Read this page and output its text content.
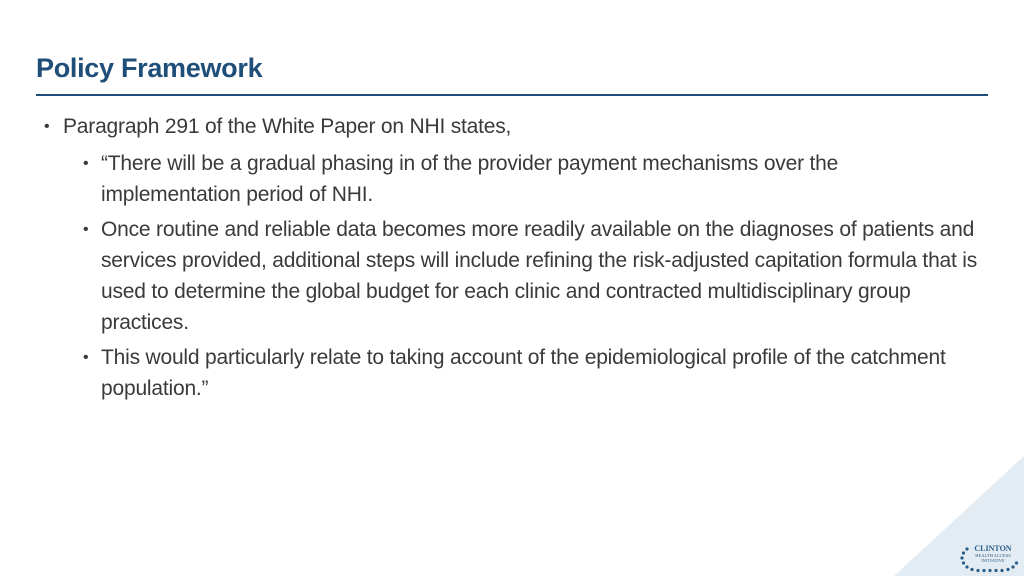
Policy Framework
• Paragraph 291 of the White Paper on NHI states,
• “There will be a gradual phasing in of the provider payment mechanisms over the implementation period of NHI.
• Once routine and reliable data becomes more readily available on the diagnoses of patients and services provided, additional steps will include refining the risk-adjusted capitation formula that is used to determine the global budget for each clinic and contracted multidisciplinary group practices.
• This would particularly relate to taking account of the epidemiological profile of the catchment population.”
CLINTON
HEALTH ACCESS
INITIATIVE
